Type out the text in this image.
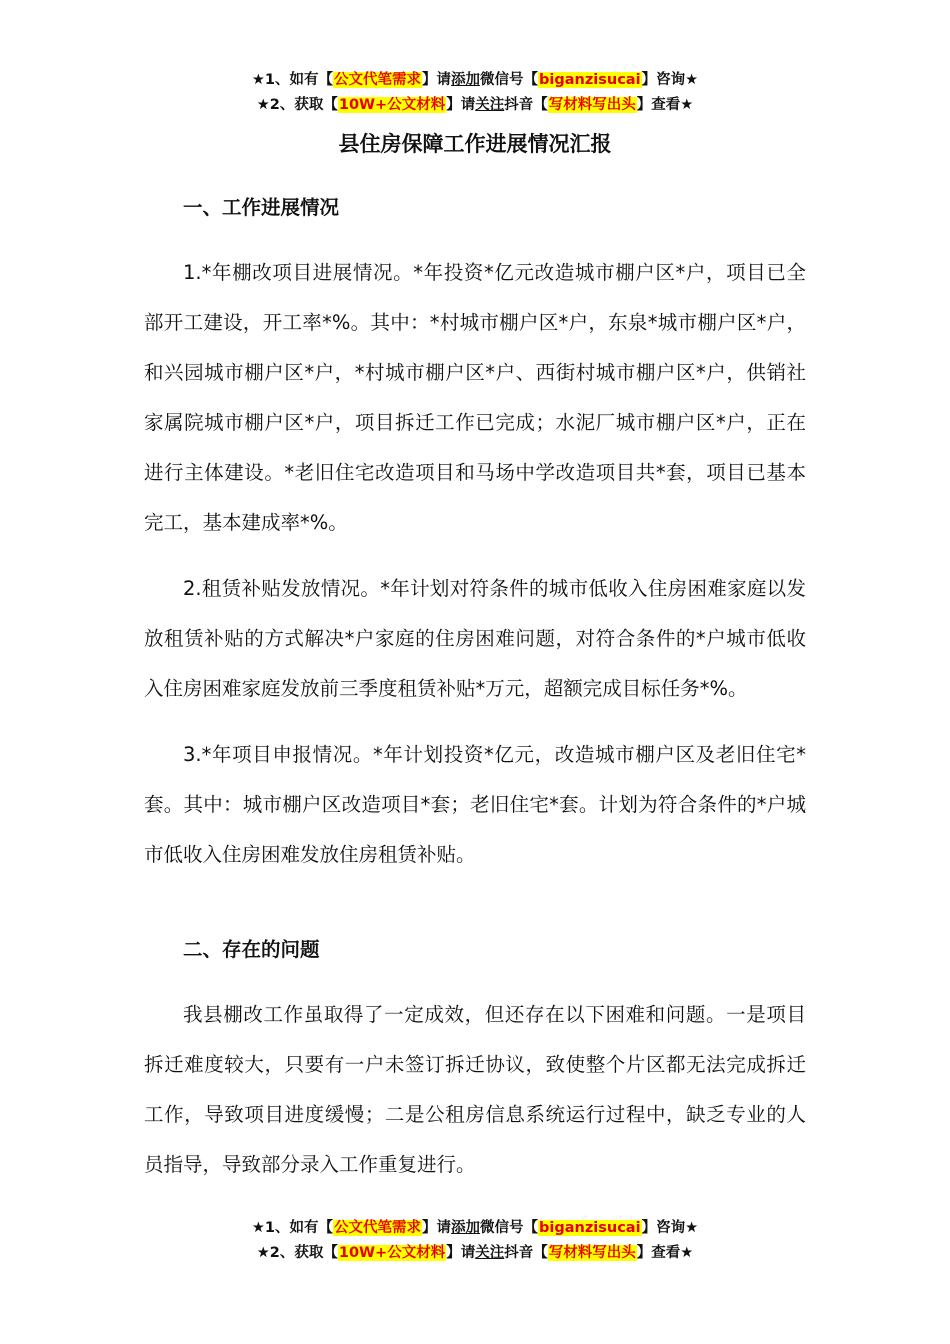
★1、如有【公文代笔需求】请添加微信号【biganzisucai】咨询★
★2、获取【10W+公文材料】请关注抖音【写材料写出头】查看★
县住房保障工作进展情况汇报
一、工作进展情况

1.*年棚改项目进展情况。*年投资*亿元改造城市棚户区*户，项目已全部开工建设，开工率*%。其中：*村城市棚户区*户，东泉*城市棚户区*户，和兴园城市棚户区*户，*村城市棚户区*户、西街村城市棚户区*户，供销社家属院城市棚户区*户，项目拆迁工作已完成；水泥厂城市棚户区*户，正在进行主体建设。*老旧住宅改造项目和马场中学改造项目共*套，项目已基本完工，基本建成率*%。

2.租赁补贴发放情况。*年计划对符条件的城市低收入住房困难家庭以发放租赁补贴的方式解决*户家庭的住房困难问题，对符合条件的*户城市低收入住房困难家庭发放前三季度租赁补贴*万元，超额完成目标任务*%。

3.*年项目申报情况。*年计划投资*亿元，改造城市棚户区及老旧住宅*套。其中：城市棚户区改造项目*套；老旧住宅*套。计划为符合条件的*户城市低收入住房困难发放住房租赁补贴。

二、存在的问题

我县棚改工作虽取得了一定成效，但还存在以下困难和问题。一是项目拆迁难度较大，只要有一户未签订拆迁协议，致使整个片区都无法完成拆迁工作，导致项目进度缓慢；二是公租房信息系统运行过程中，缺乏专业的人员指导，导致部分录入工作重复进行。

★1、如有【公文代笔需求】请添加微信号【biganzisucai】咨询★
★2、获取【10W+公文材料】请关注抖音【写材料写出头】查看★
